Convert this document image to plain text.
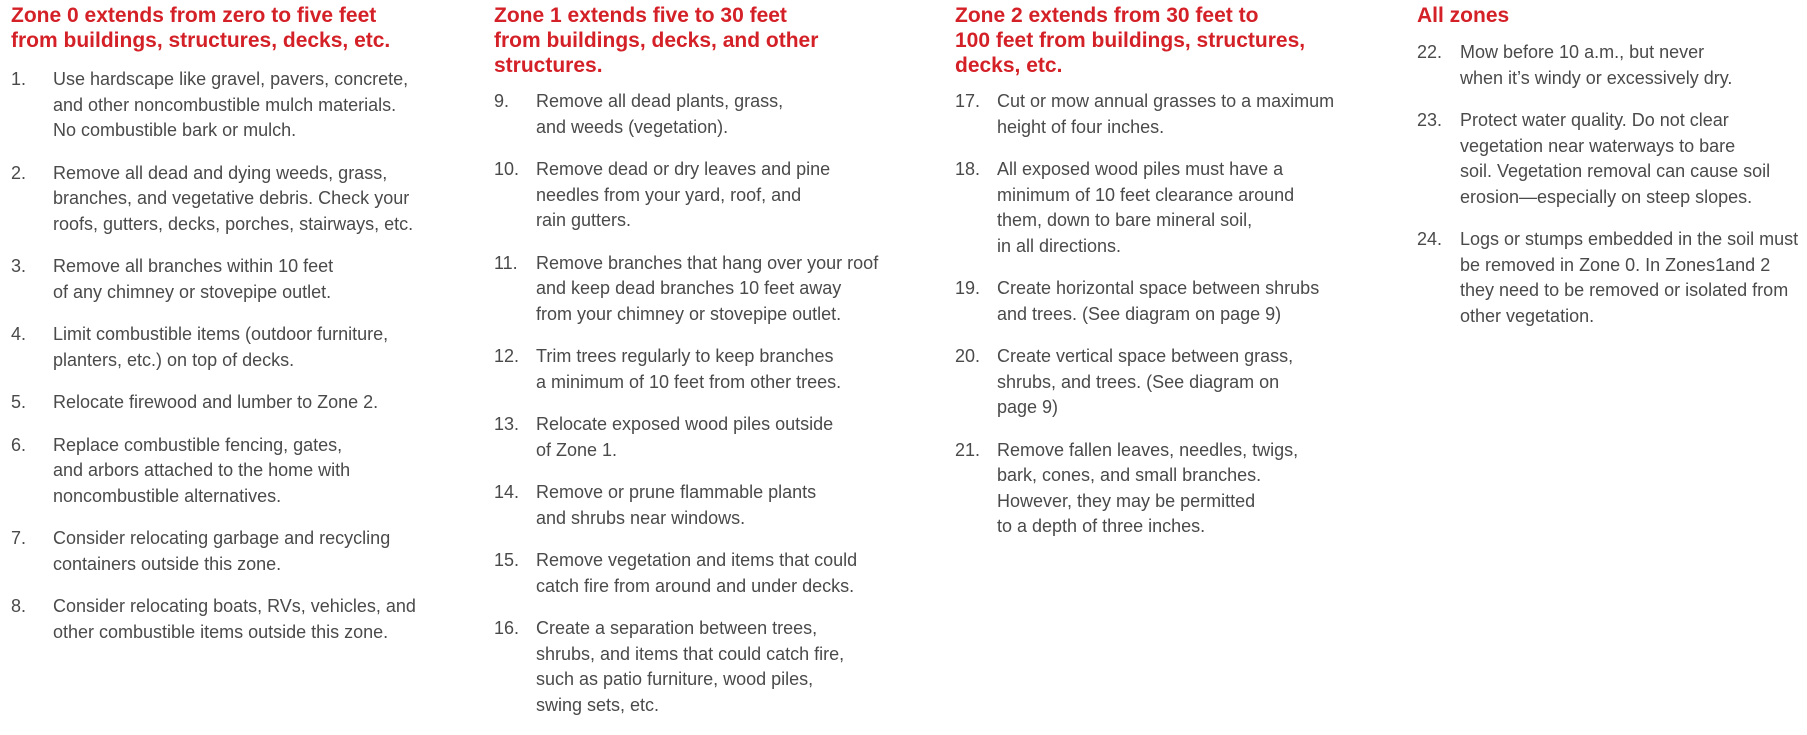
Zone 0 extends from zero to five feet
from buildings, structures, decks, etc.
1. Use hardscape like gravel, pavers, concrete,
and other noncombustible mulch materials.
No combustible bark or mulch.
2. Remove all dead and dying weeds, grass,
branches, and vegetative debris. Check your
roofs, gutters, decks, porches, stairways, etc.
3. Remove all branches within 10 feet
of any chimney or stovepipe outlet.
4. Limit combustible items (outdoor furniture,
planters, etc.) on top of decks.
5. Relocate firewood and lumber to Zone 2.
6. Replace combustible fencing, gates,
and arbors attached to the home with
noncombustible alternatives.
7. Consider relocating garbage and recycling
containers outside this zone.
8. Consider relocating boats, RVs, vehicles, and
other combustible items outside this zone.
Zone 1 extends five to 30 feet
from buildings, decks, and other
structures.
9. Remove all dead plants, grass,
and weeds (vegetation).
10. Remove dead or dry leaves and pine
needles from your yard, roof, and
rain gutters.
11. Remove branches that hang over your roof
and keep dead branches 10 feet away
from your chimney or stovepipe outlet.
12. Trim trees regularly to keep branches
a minimum of 10 feet from other trees.
13. Relocate exposed wood piles outside
of Zone 1.
14. Remove or prune flammable plants
and shrubs near windows.
15. Remove vegetation and items that could
catch fire from around and under decks.
16. Create a separation between trees,
shrubs, and items that could catch fire,
such as patio furniture, wood piles,
swing sets, etc.
Zone 2 extends from 30 feet to
100 feet from buildings, structures,
decks, etc.
17. Cut or mow annual grasses to a maximum
height of four inches.
18. All exposed wood piles must have a
minimum of 10 feet clearance around
them, down to bare mineral soil,
in all directions.
19. Create horizontal space between shrubs
and trees. (See diagram on page 9)
20. Create vertical space between grass,
shrubs, and trees. (See diagram on
page 9)
21. Remove fallen leaves, needles, twigs,
bark, cones, and small branches.
However, they may be permitted
to a depth of three inches.
All zones
22. Mow before 10 a.m., but never
when it’s windy or excessively dry.
23. Protect water quality. Do not clear
vegetation near waterways to bare
soil. Vegetation removal can cause soil
erosion—especially on steep slopes.
24. Logs or stumps embedded in the soil must
be removed in Zone 0. In Zones1and 2
they need to be removed or isolated from
other vegetation.
